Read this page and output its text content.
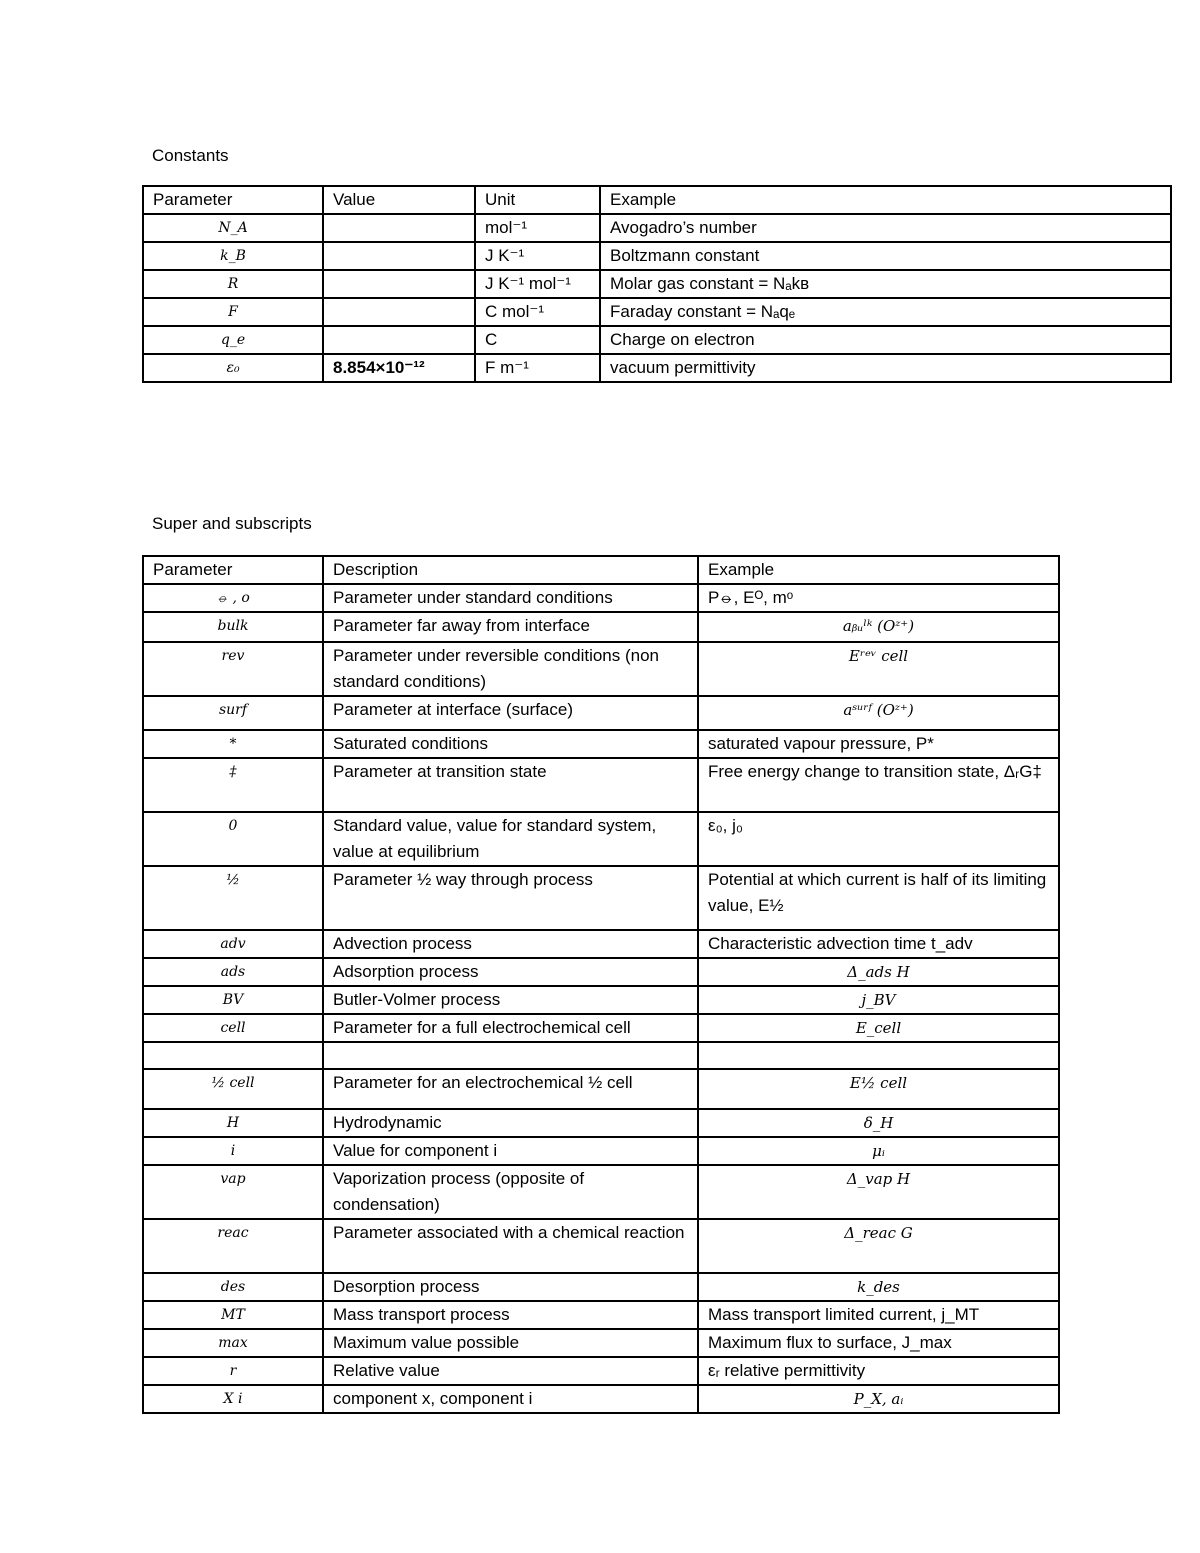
Constants
Parameter	Value	Unit	Example
N_A		mol⁻¹	Avogadro’s number
k_B		J K⁻¹	Boltzmann constant
R		J K⁻¹ mol⁻¹	Molar gas constant = Nₐkʙ
F		C mol⁻¹	Faraday constant = Nₐqₑ
q_e		C	Charge on electron
ε₀	8.854×10⁻¹²	F m⁻¹	vacuum permittivity
Super and subscripts
Parameter	Description	Example
⦵ , o	Parameter under standard conditions	P⦵, Eᴼ, mᵒ
bulk	Parameter far away from interface	aᵦᵤˡᵏ (Oᶻ⁺)
rev	Parameter under reversible conditions (non standard conditions)	Eʳᵉᵛ cell
surf	Parameter at interface (surface)	aˢᵘʳᶠ (Oᶻ⁺)
*	Saturated conditions	saturated vapour pressure, P*
‡	Parameter at transition state	Free energy change to transition state, ΔᵣG‡
0	Standard value, value for standard system, value at equilibrium	ε₀, j₀
½	Parameter ½ way through process	Potential at which current is half of its limiting value, E½
adv	Advection process	Characteristic advection time t_adv
ads	Adsorption process	Δ_ads H
BV	Butler-Volmer process	j_BV
cell	Parameter for a full electrochemical cell	E_cell

½ cell	Parameter for an electrochemical ½ cell	E½ cell
H	Hydrodynamic	δ_H
i	Value for component i	μᵢ
vap	Vaporization process (opposite of condensation)	Δ_vap H
reac	Parameter associated with a chemical reaction	Δ_reac G
des	Desorption process	k_des
MT	Mass transport process	Mass transport limited current, j_MT
max	Maximum value possible	Maximum flux to surface, J_max
r	Relative value	εᵣ relative permittivity
X i	component x, component i	P_X, aᵢ
